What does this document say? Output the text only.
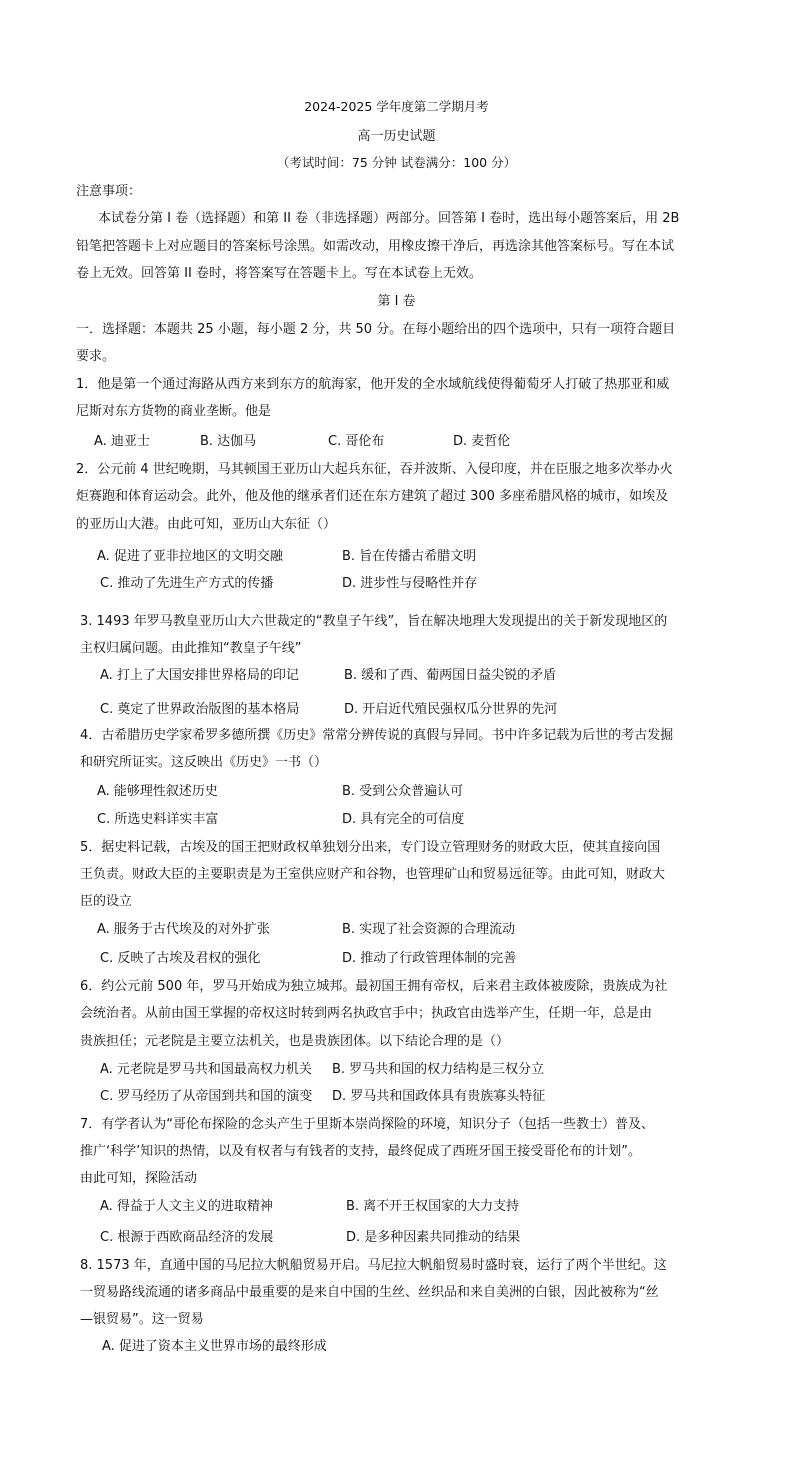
2024-2025 学年度第二学期月考
高一历史试题
（考试时间：75 分钟 试卷满分：100 分）
注意事项：
本试卷分第 I 卷（选择题）和第 II 卷（非选择题）两部分。回答第 I 卷时，选出每小题答案后，用 2B
铅笔把答题卡上对应题目的答案标号涂黑。如需改动，用橡皮擦干净后，再选涂其他答案标号。写在本试
卷上无效。回答第 II 卷时，将答案写在答题卡上。写在本试卷上无效。
第 I 卷
一．选择题：本题共 25 小题，每小题 2 分，共 50 分。在每小题给出的四个选项中，只有一项符合题目
要求。
1．他是第一个通过海路从西方来到东方的航海家，他开发的全水域航线使得葡萄牙人打破了热那亚和威
尼斯对东方货物的商业垄断。他是
A. 迪亚士	B. 达伽马	C. 哥伦布	D. 麦哲伦
2．公元前 4 世纪晚期，马其顿国王亚历山大起兵东征，吞并波斯、入侵印度，并在臣服之地多次举办火
炬赛跑和体育运动会。此外，他及他的继承者们还在东方建筑了超过 300 多座希腊风格的城市，如埃及
的亚历山大港。由此可知，亚历山大东征（）
A. 促进了亚非拉地区的文明交融	B. 旨在传播古希腊文明
C. 推动了先进生产方式的传播	D. 进步性与侵略性并存
3. 1493 年罗马教皇亚历山大六世裁定的“教皇子午线”，旨在解决地理大发现提出的关于新发现地区的
主权归属问题。由此推知“教皇子午线”
A. 打上了大国安排世界格局的印记	B. 缓和了西、葡两国日益尖锐的矛盾
C. 奠定了世界政治版图的基本格局	D. 开启近代殖民强权瓜分世界的先河
4．古希腊历史学家希罗多德所撰《历史》常常分辨传说的真假与异同。书中许多记载为后世的考古发掘
和研究所证实。这反映出《历史》一书（）
A. 能够理性叙述历史	B. 受到公众普遍认可
C. 所选史料详实丰富	D. 具有完全的可信度
5．据史料记载，古埃及的国王把财政权单独划分出来，专门设立管理财务的财政大臣，使其直接向国
王负责。财政大臣的主要职责是为王室供应财产和谷物，也管理矿山和贸易远征等。由此可知，财政大
臣的设立
A. 服务于古代埃及的对外扩张	B. 实现了社会资源的合理流动
C. 反映了古埃及君权的强化	D. 推动了行政管理体制的完善
6．约公元前 500 年，罗马开始成为独立城邦。最初国王拥有帝权，后来君主政体被废除，贵族成为社
会统治者。从前由国王掌握的帝权这时转到两名执政官手中；执政官由选举产生，任期一年，总是由
贵族担任；元老院是主要立法机关，也是贵族团体。以下结论合理的是（）
A. 元老院是罗马共和国最高权力机关 B. 罗马共和国的权力结构是三权分立
C. 罗马经历了从帝国到共和国的演变 D. 罗马共和国政体具有贵族寡头特征
7．有学者认为“哥伦布探险的念头产生于里斯本崇尚探险的环境，知识分子（包括一些教士）普及、
推广‘科学’知识的热情，以及有权者与有钱者的支持，最终促成了西班牙国王接受哥伦布的计划”。
由此可知，探险活动
A. 得益于人文主义的进取精神	B. 离不开王权国家的大力支持
C. 根源于西欧商品经济的发展	D. 是多种因素共同推动的结果
8. 1573 年，直通中国的马尼拉大帆船贸易开启。马尼拉大帆船贸易时盛时衰，运行了两个半世纪。这
一贸易路线流通的诸多商品中最重要的是来自中国的生丝、丝织品和来自美洲的白银，因此被称为“丝
—银贸易”。这一贸易
A. 促进了资本主义世界市场的最终形成
